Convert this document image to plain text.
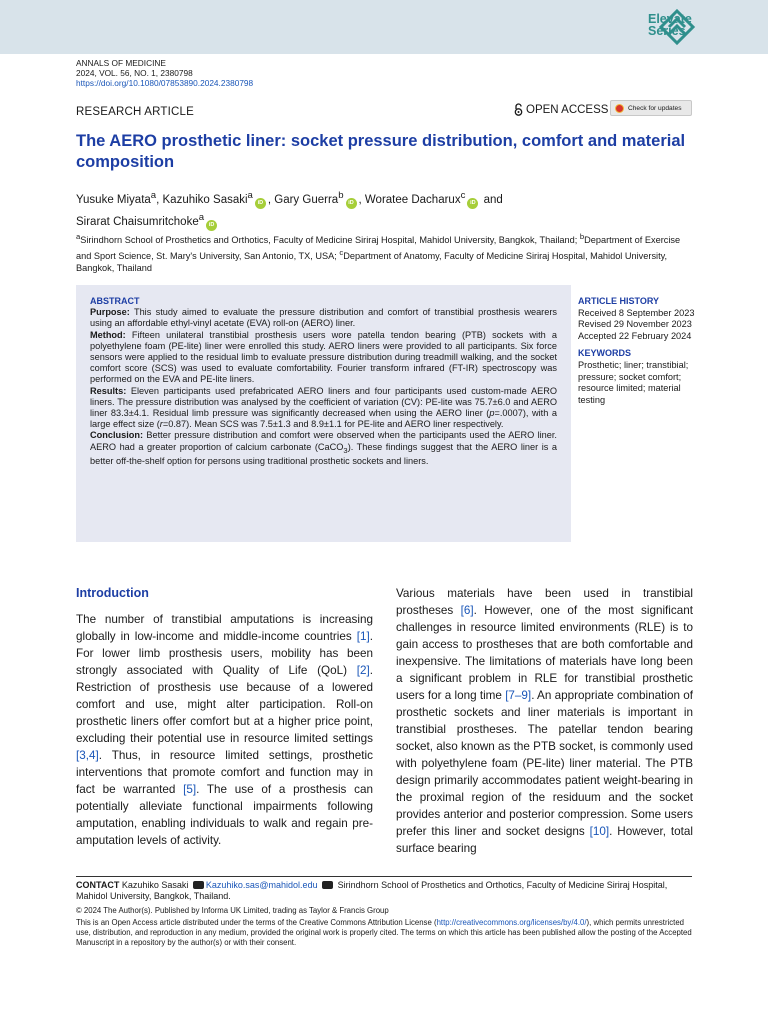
Elevate
Series
ANNALS OF MEDICINE
2024, VOL. 56, NO. 1, 2380798
https://doi.org/10.1080/07853890.2024.2380798
RESEARCH ARTICLE	OPEN ACCESS	Check for updates
The AERO prosthetic liner: socket pressure distribution, comfort and material composition
Yusuke Miyata$^a$, Kazuhiko Sasaki$^a$iD , Gary Guerra$^b$iD , Woratee Dacharux$^c$iD and
Sirarat Chaisumritchoke$^a$iD
$^a$Sirindhorn School of Prosthetics and Orthotics, Faculty of Medicine Siriraj Hospital, Mahidol University, Bangkok, Thailand; $^b$Department of Exercise and Sport Science, St. Mary's University, San Antonio, TX, USA; $^c$Department of Anatomy, Faculty of Medicine Siriraj Hospital, Mahidol University, Bangkok, Thailand
ABSTRACT

Purpose: This study aimed to evaluate the pressure distribution and comfort of transtibial prosthesis wearers using an affordable ethyl-vinyl acetate (EVA) roll-on (AERO) liner.

Method: Fifteen unilateral transtibial prosthesis users wore patella tendon bearing (PTB) sockets with a polyethylene foam (PE-lite) liner were enrolled this study. AERO liners were provided to all participants. Six force sensors were applied to the residual limb to evaluate pressure distribution during treadmill walking, and the socket comfort score (SCS) was used to evaluate comfortability. Fourier transform infrared (FT-IR) spectroscopy was performed on the EVA and PE-lite liners.

Results: Eleven participants used prefabricated AERO liners and four participants used custom-made AERO liners. The pressure distribution was analysed by the coefficient of variation (CV): PE-lite was 75.7±6.0 and AERO liner 83.3±4.1. Residual limb pressure was significantly decreased when using the AERO liner (p=.0007), with a large effect size (r=0.87). Mean SCS was 7.5±1.3 and 8.9±1.1 for PE-lite and AERO liner respectively.

Conclusion: Better pressure distribution and comfort were observed when the participants used the AERO liner. AERO had a greater proportion of calcium carbonate (CaCO$_3$). These findings suggest that the AERO liner is a better off-the-shelf option for persons using traditional prosthetic sockets and liners.

ARTICLE HISTORY
Received 8 September 2023
Revised 29 November 2023
Accepted 22 February 2024
KEYWORDS
Prosthetic; liner; transtibial; pressure; socket comfort; resource limited; material testing
Introduction
The number of transtibial amputations is increasing globally in low-income and middle-income countries [1]. For lower limb prosthesis users, mobility has been strongly associated with Quality of Life (QoL) [2]. Restriction of prosthesis use because of a lowered comfort and use, might alter participation. Roll-on prosthetic liners offer comfort but at a higher price point, excluding their potential use in resource limited settings [3,4]. Thus, in resource limited settings, prosthetic interventions that promote comfort and function may in fact be warranted [5]. The use of a prosthesis can potentially alleviate functional impairments following amputation, enabling individuals to walk and regain pre-amputation levels of activity.
Various materials have been used in transtibial prostheses [6]. However, one of the most significant challenges in resource limited environments (RLE) is to gain access to prostheses that are both comfortable and inexpensive. The limitations of materials have long been a significant problem in RLE for transtibial prosthetic users for a long time [7–9]. An appropriate combination of prosthetic sockets and liner materials is important in transtibial prostheses. The patellar tendon bearing socket, also known as the PTB socket, is commonly used with polyethylene foam (PE-lite) liner material. The PTB design primarily accommodates patient weight-bearing in the proximal region of the residuum and the socket provides anterior and posterior compression. Some users prefer this liner and socket designs [10]. However, total surface bearing
CONTACT Kazuhiko Sasaki Kazuhiko.sas@mahidol.edu  Sirindhorn School of Prosthetics and Orthotics, Faculty of Medicine Siriraj Hospital, Mahidol University, Bangkok, Thailand.
© 2024 The Author(s). Published by Informa UK Limited, trading as Taylor & Francis Group
This is an Open Access article distributed under the terms of the Creative Commons Attribution License (http://creativecommons.org/licenses/by/4.0/), which permits unrestricted use, distribution, and reproduction in any medium, provided the original work is properly cited. The terms on which this article has been published allow the posting of the Accepted Manuscript in a repository by the author(s) or with their consent.
